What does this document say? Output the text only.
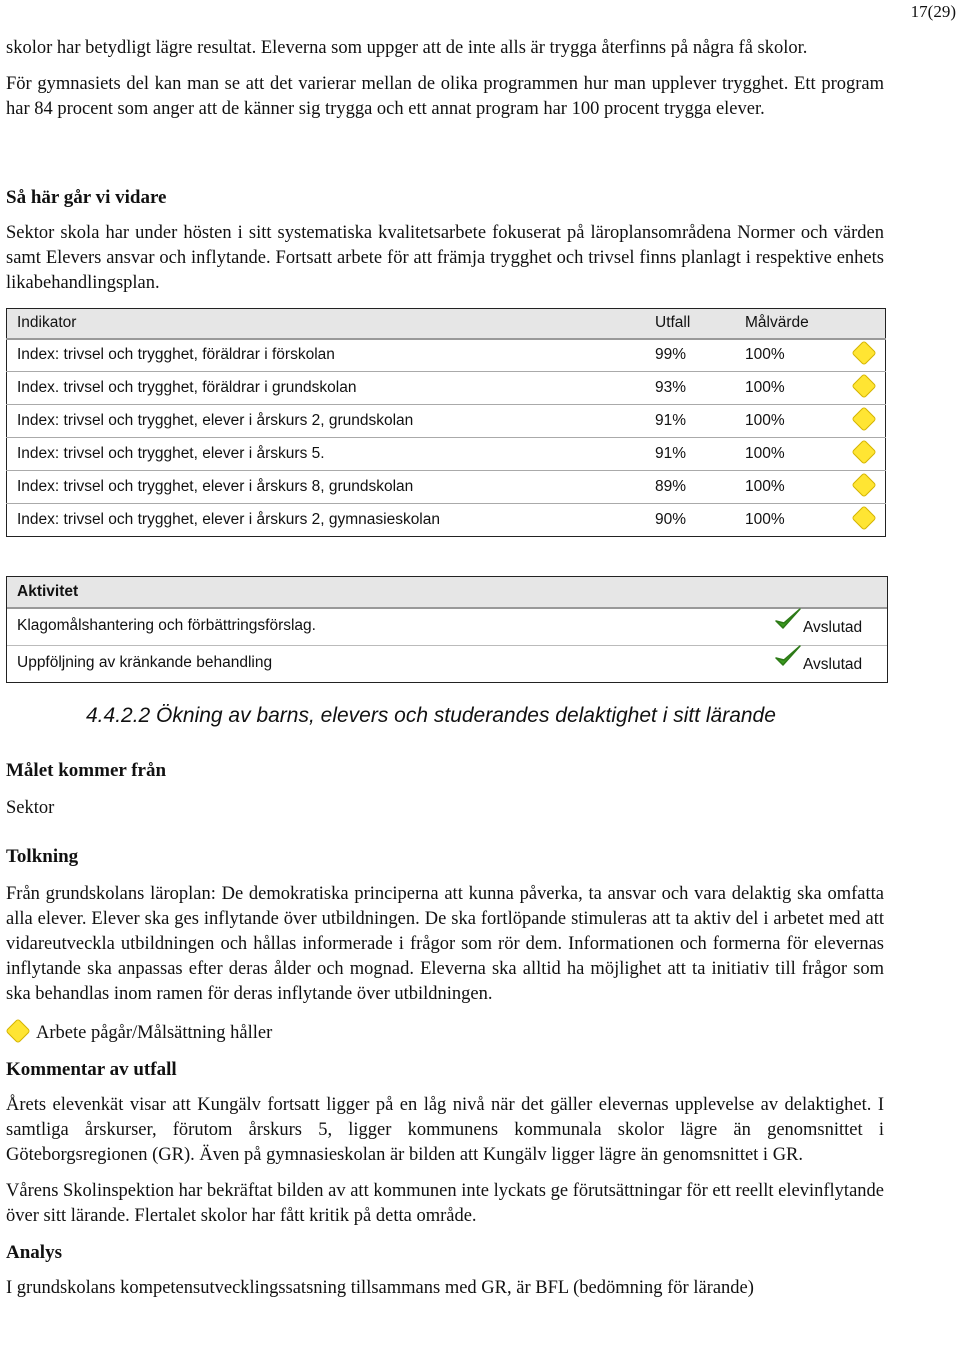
17(29)

skolor har betydligt lägre resultat. Eleverna som uppger att de inte alls är trygga återfinns på några få skolor.

För gymnasiets del kan man se att det varierar mellan de olika programmen hur man upplever trygghet. Ett program har 84 procent som anger att de känner sig trygga och ett annat program har 100 procent trygga elever.

Så här går vi vidare

Sektor skola har under hösten i sitt systematiska kvalitetsarbete fokuserat på läroplansområdena Normer och värden samt Elevers ansvar och inflytande. Fortsatt arbete för att främja trygghet och trivsel finns planlagt i respektive enhets likabehandlingsplan.

Indikator	Utfall	Målvärde	
Index: trivsel och trygghet, föräldrar i förskolan	99%	100%	
Index. trivsel och trygghet, föräldrar i grundskolan	93%	100%	
Index: trivsel och trygghet, elever i årskurs 2, grundskolan	91%	100%	
Index: trivsel och trygghet, elever i årskurs 5.	91%	100%	
Index: trivsel och trygghet, elever i årskurs 8, grundskolan	89%	100%	
Index: trivsel och trygghet, elever i årskurs 2, gymnasieskolan	90%	100%	
Aktivitet
Klagomålshantering och förbättringsförslag.	Avslutad
Uppföljning av kränkande behandling	Avslutad
4.4.2.2 Ökning av barns, elevers och studerandes delaktighet i sitt lärande

Målet kommer från

Sektor

Tolkning

Från grundskolans läroplan: De demokratiska principerna att kunna påverka, ta ansvar och vara delaktig ska omfatta alla elever. Elever ska ges inflytande över utbildningen. De ska fortlöpande stimuleras att ta aktiv del i arbetet med att vidareutveckla utbildningen och hållas informerade i frågor som rör dem. Informationen och formerna för elevernas inflytande ska anpassas efter deras ålder och mognad. Eleverna ska alltid ha möjlighet att ta initiativ till frågor som ska behandlas inom ramen för deras inflytande över utbildningen.

Arbete pågår/Målsättning håller

Kommentar av utfall

Årets elevenkät visar att Kungälv fortsatt ligger på en låg nivå när det gäller elevernas upplevelse av delaktighet. I samtliga årskurser, förutom årskurs 5, ligger kommunens kommunala skolor lägre än genomsnittet i Göteborgsregionen (GR). Även på gymnasieskolan är bilden att Kungälv ligger lägre än genomsnittet i GR.

Vårens Skolinspektion har bekräftat bilden av att kommunen inte lyckats ge förutsättningar för ett reellt elevinflytande över sitt lärande. Flertalet skolor har fått kritik på detta område.

Analys

I grundskolans kompetensutvecklingssatsning tillsammans med GR, är BFL (bedömning för lärande)
